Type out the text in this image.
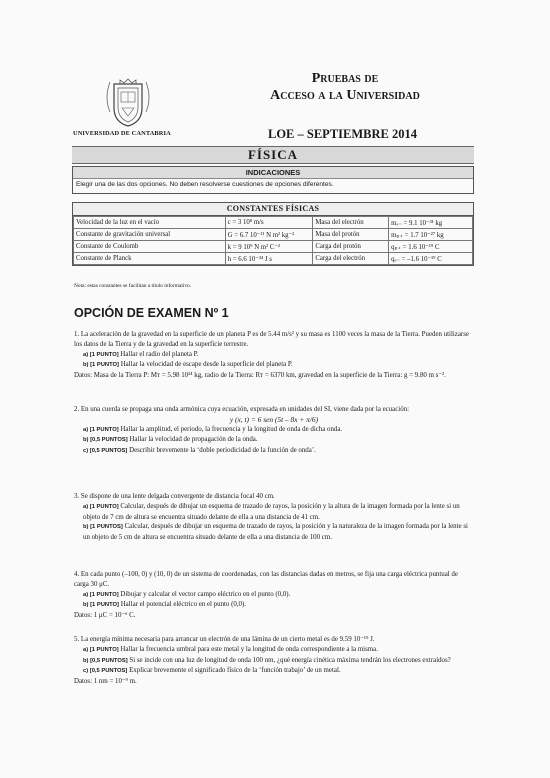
UNIVERSIDAD DE CANTABRIA
Pruebas de
Acceso a la Universidad
LOE – SEPTIEMBRE 2014
FÍSICA
INDICACIONES
Elegir una de las dos opciones. No deben resolverse cuestiones de opciones diferentes.
CONSTANTES FÍSICAS
Velocidad de la luz en el vacío	c = 3 10⁸ m/s	Masa del electrón	mₑ₋ = 9.1 10⁻³¹ kg
Constante de gravitación universal	G = 6.7 10⁻¹¹ N m² kg⁻²	Masa del protón	mₚ₊ = 1.7 10⁻²⁷ kg
Constante de Coulomb	k = 9 10⁹ N m² C⁻²	Carga del protón	qₚ₊ = 1.6 10⁻¹⁹ C
Constante de Planck	h = 6.6 10⁻³⁴ J s	Carga del electrón	qₑ₋ = –1.6 10⁻¹⁹ C
Nota: estas constantes se facilitan a título informativo.
OPCIÓN DE EXAMEN Nº 1

1. La aceleración de la gravedad en la superficie de un planeta P es de 5.44 m/s² y su masa es 1100 veces la masa de la Tierra. Pueden utilizarse los datos de la Tierra y de la gravedad en la superficie terrestre.

a) [1 PUNTO] Hallar el radio del planeta P.

b) [1 PUNTO] Hallar la velocidad de escape desde la superficie del planeta P.

Datos: Masa de la Tierra P: Mᴛ = 5.98 10²⁴ kg, radio de la Tierra: Rᴛ = 6370 km, gravedad en la superficie de la Tierra: g = 9.80 m s⁻².

2. En una cuerda se propaga una onda armónica cuya ecuación, expresada en unidades del SI, viene dada por la ecuación:

y (x, t) = 6 sen (5t – 8x + π/6)

a) [1 PUNTO] Hallar la amplitud, el periodo, la frecuencia y la longitud de onda de dicha onda.

b) [0,5 PUNTOS] Hallar la velocidad de propagación de la onda.

c) [0,5 PUNTOS] Describir brevemente la ‘doble periodicidad de la función de onda’.

3. Se dispone de una lente delgada convergente de distancia focal 40 cm.

a) [1 PUNTO] Calcular, después de dibujar un esquema de trazado de rayos, la posición y la altura de la imagen formada por la lente si un objeto de 7 cm de altura se encuentra situado delante de ella a una distancia de 41 cm.

b) [1 PUNTOS] Calcular, después de dibujar un esquema de trazado de rayos, la posición y la naturaleza de la imagen formada por la lente si un objeto de 5 cm de altura se encuentra situado delante de ella a una distancia de 100 cm.

4. En cada punto (–100, 0) y (10, 0) de un sistema de coordenadas, con las distancias dadas en metros, se fija una carga eléctrica puntual de carga 30 μC.

a) [1 PUNTO] Dibujar y calcular el vector campo eléctrico en el punto (0,0).

b) [1 PUNTO] Hallar el potencial eléctrico en el punto (0,0).

Datos: 1 μC = 10⁻⁶ C.

5. La energía mínima necesaria para arrancar un electrón de una lámina de un cierto metal es de 9.59 10⁻¹⁹ J.

a) [1 PUNTO] Hallar la frecuencia umbral para este metal y la longitud de onda correspondiente a la misma.

b) [0,5 PUNTOS] Si se incide con una luz de longitud de onda 100 nm, ¿qué energía cinética máxima tendrán los electrones extraídos?

c) [0,5 PUNTOS] Explicar brevemente el significado físico de la ‘función trabajo’ de un metal.

Datos: 1 nm = 10⁻⁹ m.
